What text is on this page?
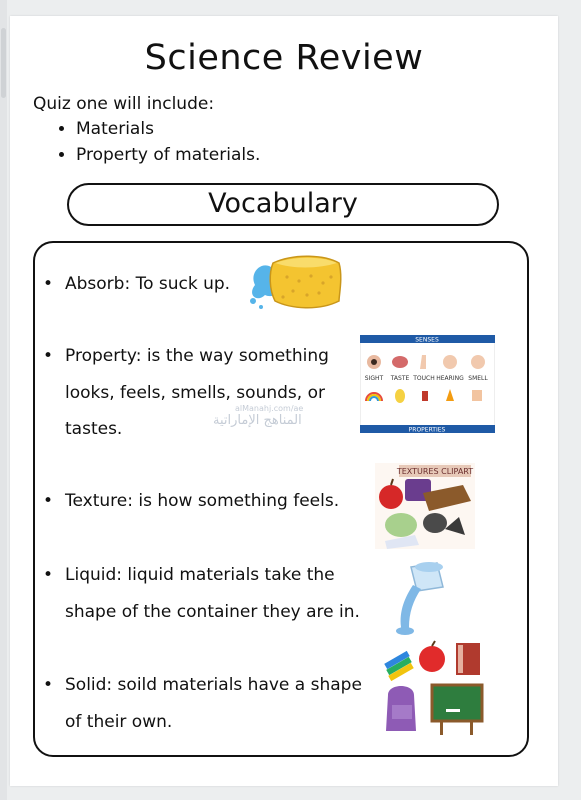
Science Review
Quiz one will include:
• Materials
• Property of materials.
Vocabulary
• Absorb: To suck up.
• Property: is the way something looks, feels, smells, sounds, or tastes.
• Texture: is how something feels.
• Liquid: liquid materials take the shape of the container they are in.
• Solid: soild materials have a shape of their own.
SENSES
SIGHT TASTE TOUCH HEARING SMELL
PROPERTIES
TEXTURES CLIPART
alManahj.com/ae
المناهج الإماراتية
